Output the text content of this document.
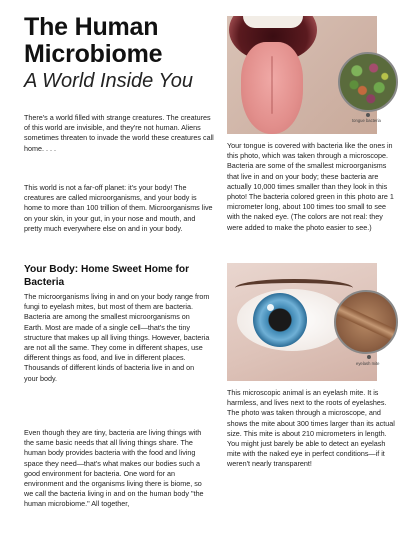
The Human Microbiome
A World Inside You

There's a world filled with strange creatures. The creatures of this world are invisible, and they're not human. Aliens sometimes threaten to invade the world these creatures call home. . . .

This world is not a far-off planet: it's your body! The creatures are called microorganisms, and your body is home to more than 100 trillion of them. Microorganisms live on your skin, in your gut, in your nose and mouth, and pretty much everywhere else on and in your body.

Your Body: Home Sweet Home for Bacteria

The microorganisms living in and on your body range from fungi to eyelash mites, but most of them are bacteria. Bacteria are among the smallest microorganisms on Earth. Most are made of a single cell—that's the tiny structure that makes up all living things. However, bacteria are not all the same. They come in different shapes, use different things as food, and live in different places. Thousands of different kinds of bacteria live in and on your body.

Even though they are tiny, bacteria are living things with the same basic needs that all living things share. The human body provides bacteria with the food and living space they need—that's what makes our bodies such a good environment for bacteria. One word for an environment and the organisms living there is biome, so we call the bacteria living in and on the human body "the human microbiome." All together,

tongue bacteria

Your tongue is covered with bacteria like the ones in this photo, which was taken through a microscope. Bacteria are some of the smallest microorganisms that live in and on your body; these bacteria are actually 10,000 times smaller than they look in this photo! The bacteria colored green in this photo are 1 micrometer long, about 100 times too small to see with the naked eye. (The colors are not real: they were added to make the photo easier to see.)

eyelash mite

This microscopic animal is an eyelash mite. It is harmless, and lives next to the roots of eyelashes. The photo was taken through a microscope, and shows the mite about 300 times larger than its actual size. This mite is about 210 micrometers in length. You might just barely be able to detect an eyelash mite with the naked eye in perfect conditions—if it weren't nearly transparent!
